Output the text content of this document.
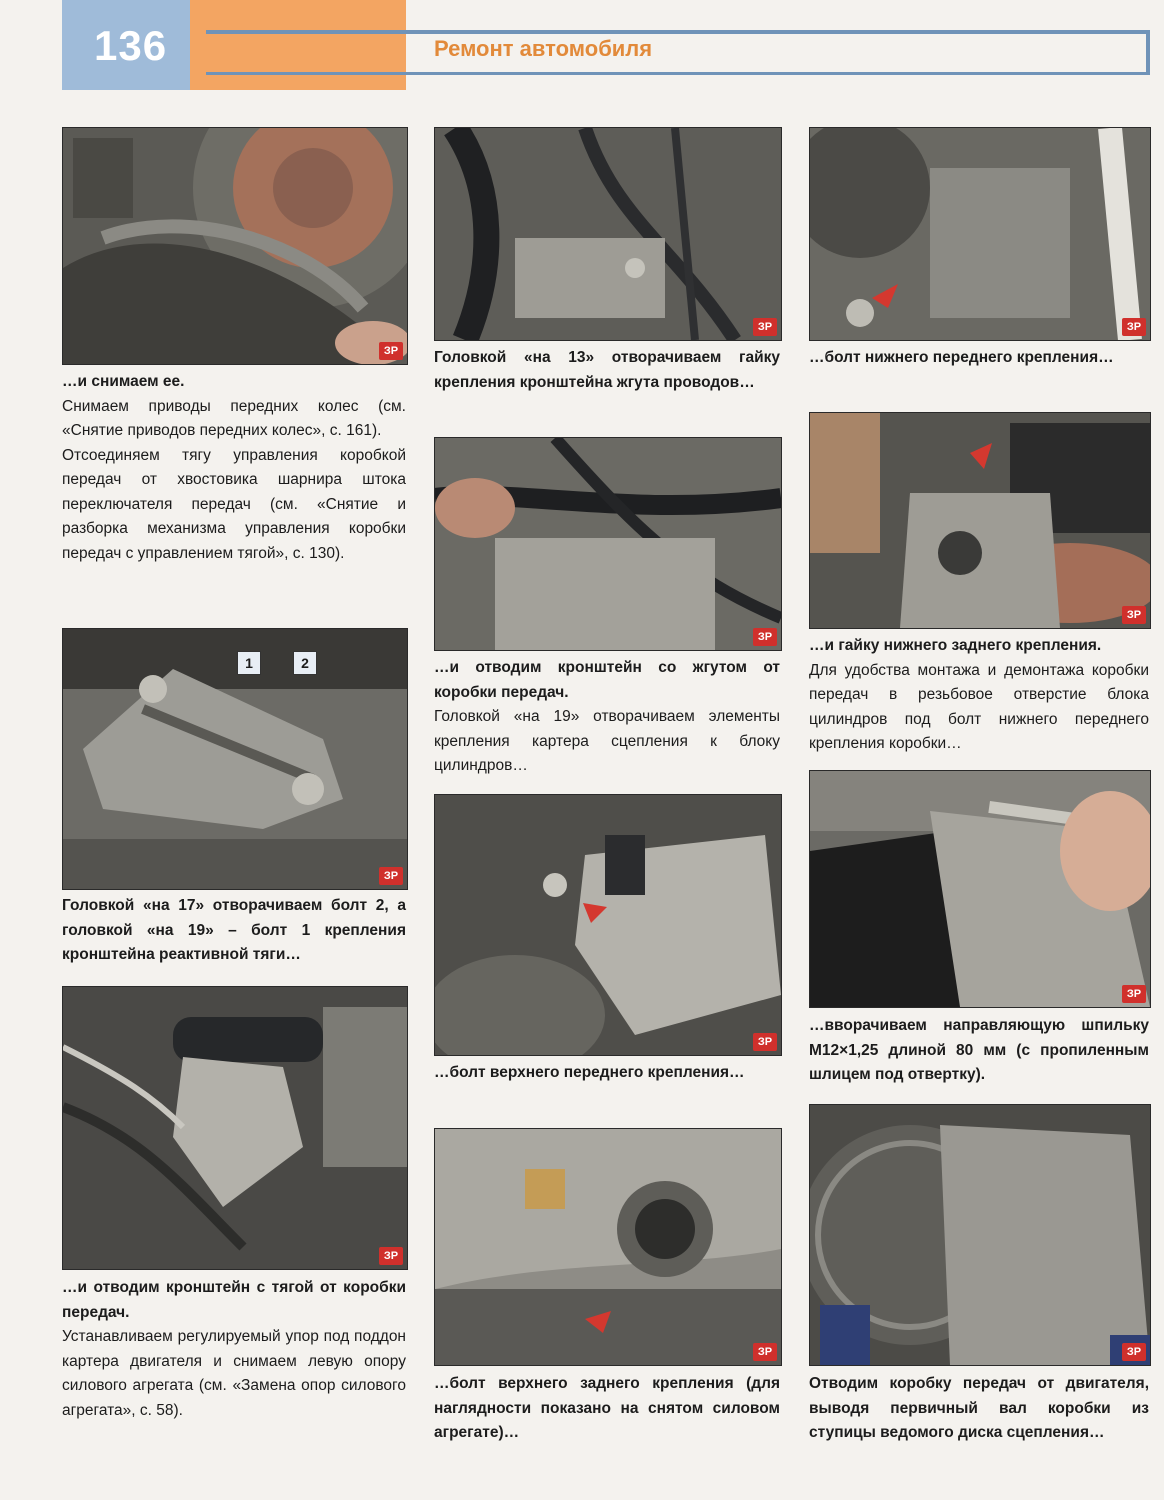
136	Ремонт автомобиля
ЗР

…и снимаем ее.

Снимаем приводы передних колес (см. «Снятие приводов передних колес», с. 161).

Отсоединяем тягу управления коробкой передач от хвостовика шарнира штока переключателя передач (см. «Снятие и разборка механизма управления коробки передач с управлением тягой», с. 130).

1	2
ЗР

Головкой «на 17» отворачиваем болт 2, а головкой «на 19» – болт 1 крепления кронштейна реактивной тяги…

ЗР

…и отводим кронштейн с тягой от коробки передач.

Устанавливаем регулируемый упор под поддон картера двигателя и снимаем левую опору силового агрегата (см. «Замена опор силового агрегата», с. 58).

ЗР

Головкой «на 13» отворачиваем гайку крепления кронштейна жгута проводов…

ЗР

…и отводим кронштейн со жгутом от коробки передач.

Головкой «на 19» отворачиваем элементы крепления картера сцепления к блоку цилиндров…

ЗР

…болт верхнего переднего крепления…

ЗР

…болт верхнего заднего крепления (для наглядности показано на снятом силовом агрегате)…

ЗР

…болт нижнего переднего крепления…

ЗР

…и гайку нижнего заднего крепления.

Для удобства монтажа и демонтажа коробки передач в резьбовое отверстие блока цилиндров под болт нижнего переднего крепления коробки…

ЗР

…вворачиваем направляющую шпильку М12×1,25 длиной 80 мм (с пропиленным шлицем под отвертку).

ЗР

Отводим коробку передач от двигателя, выводя первичный вал коробки из ступицы ведомого диска сцепления…
